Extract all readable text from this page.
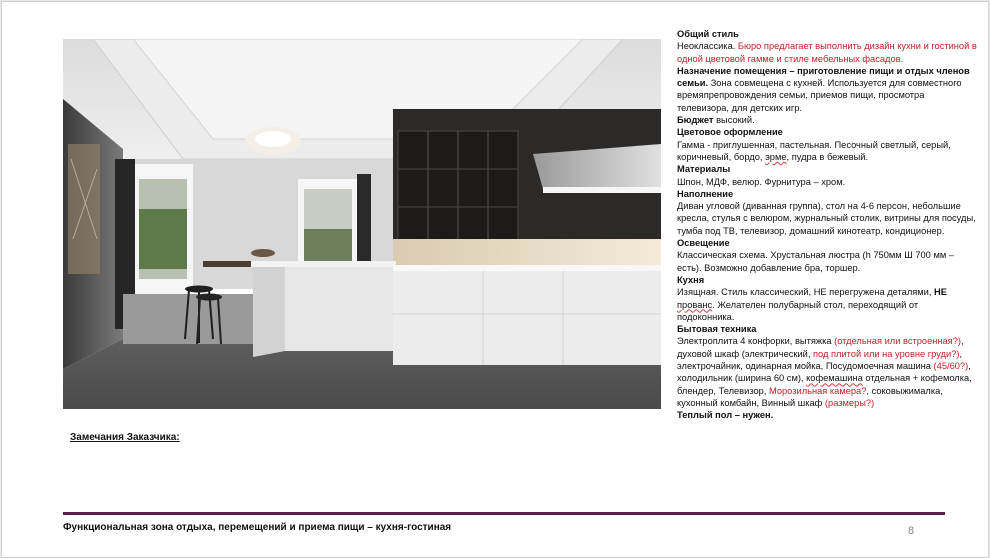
Общий стиль
Неоклассика. Бюро предлагает выполнить дизайн кухни и гостиной в одной цветовой гамме и стиле мебельных фасадов.

Назначение помещения – приготовление пищи и отдых членов семьи. Зона совмещена с кухней. Используется для совместного времяпрепровождения семьи, приемов пищи, просмотра телевизора, для детских игр.

Бюджет высокий.

Цветовое оформление
Гамма - приглушенная, пастельная. Песочный светлый, серый, коричневый, бордо, эрме, пудра в бежевый.

Материалы
Шпон, МДФ, велюр. Фурнитура – хром.

Наполнение
Диван угловой (диванная группа), стол на 4-6 персон, небольшие кресла, стулья с велюром, журнальный столик, витрины для посуды, тумба под ТВ, телевизор, домашний кинотеатр, кондиционер.

Освещение
Классическая схема. Хрустальная люстра (h 750мм Ш 700 мм – есть). Возможно добавление бра, торшер.

Кухня
Изящная. Стиль классический, НЕ перегружена деталями, НЕ
прованс. Желателен полубарный стол, переходящий от подоконника.

Бытовая техника
Электроплита 4 конфорки, вытяжка (отдельная или встроенная?), духовой шкаф (электрический, под плитой или на уровне груди?), электрочайник, одинарная мойка, Посудомоечная машина (45/60?), холодильник (ширина 60 см), кофемашина отдельная + кофемолка, блендер, Телевизор, Морозильная камера?, соковыжималка, кухонный комбайн, Винный шкаф (размеры?)

Теплый пол – нужен.

Замечания Заказчика:
Функциональная зона отдыха, перемещений и приема пищи – кухня-гостиная	8
